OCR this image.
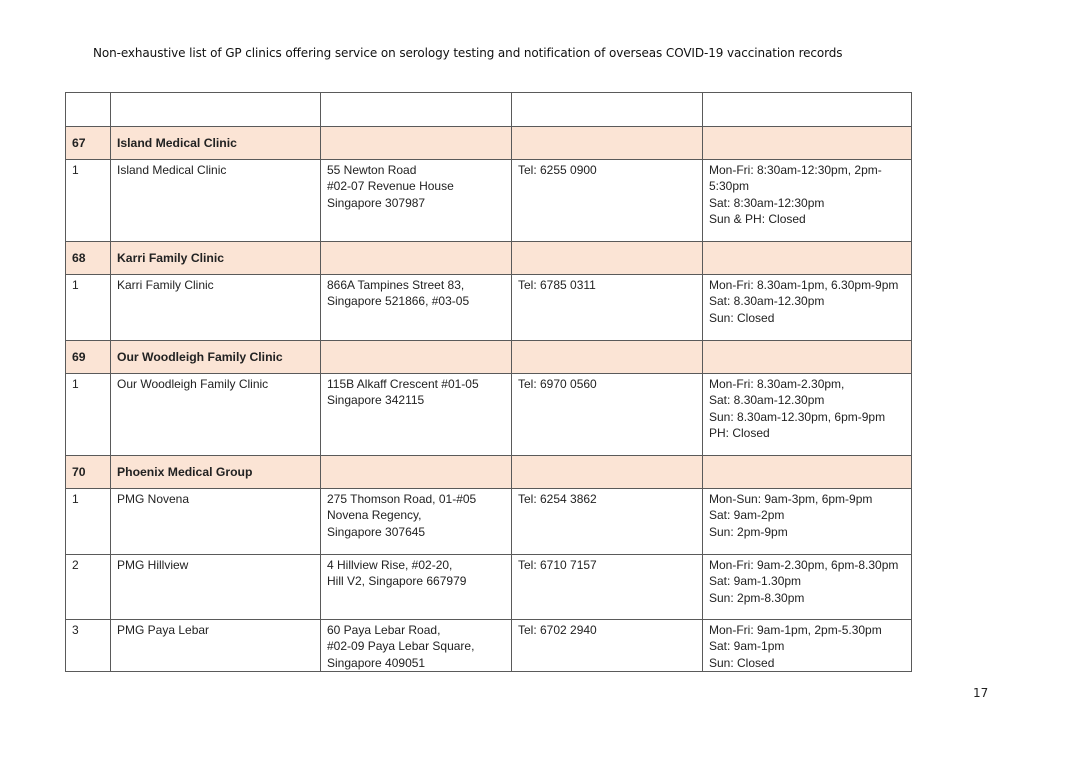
Non-exhaustive list of GP clinics offering service on serology testing and notification of overseas COVID-19 vaccination records

67	Island Medical Clinic			
1	Island Medical Clinic	55 Newton Road
#02-07 Revenue House
Singapore 307987	Tel: 6255 0900	Mon-Fri: 8:30am-12:30pm, 2pm-
5:30pm
Sat: 8:30am-12:30pm
Sun & PH: Closed

68	Karri Family Clinic			
1	Karri Family Clinic	866A Tampines Street 83,
Singapore 521866, #03-05	Tel: 6785 0311	Mon-Fri: 8.30am-1pm, 6.30pm-9pm
Sat: 8.30am-12.30pm
Sun: Closed

69	Our Woodleigh Family Clinic			
1	Our Woodleigh Family Clinic	115B Alkaff Crescent #01-05
Singapore 342115	Tel: 6970 0560	Mon-Fri: 8.30am-2.30pm,
Sat: 8.30am-12.30pm
Sun: 8.30am-12.30pm, 6pm-9pm
PH: Closed

70	Phoenix Medical Group			
1	PMG Novena	275 Thomson Road, 01-#05
Novena Regency,
Singapore 307645	Tel: 6254 3862	Mon-Sun: 9am-3pm, 6pm-9pm
Sat: 9am-2pm
Sun: 2pm-9pm

2	PMG Hillview	4 Hillview Rise, #02-20,
Hill V2, Singapore 667979	Tel: 6710 7157	Mon-Fri: 9am-2.30pm, 6pm-8.30pm
Sat: 9am-1.30pm
Sun: 2pm-8.30pm

3	PMG Paya Lebar	60 Paya Lebar Road,
#02-09 Paya Lebar Square,
Singapore 409051	Tel: 6702 2940	Mon-Fri: 9am-1pm, 2pm-5.30pm
Sat: 9am-1pm
Sun: Closed
17
